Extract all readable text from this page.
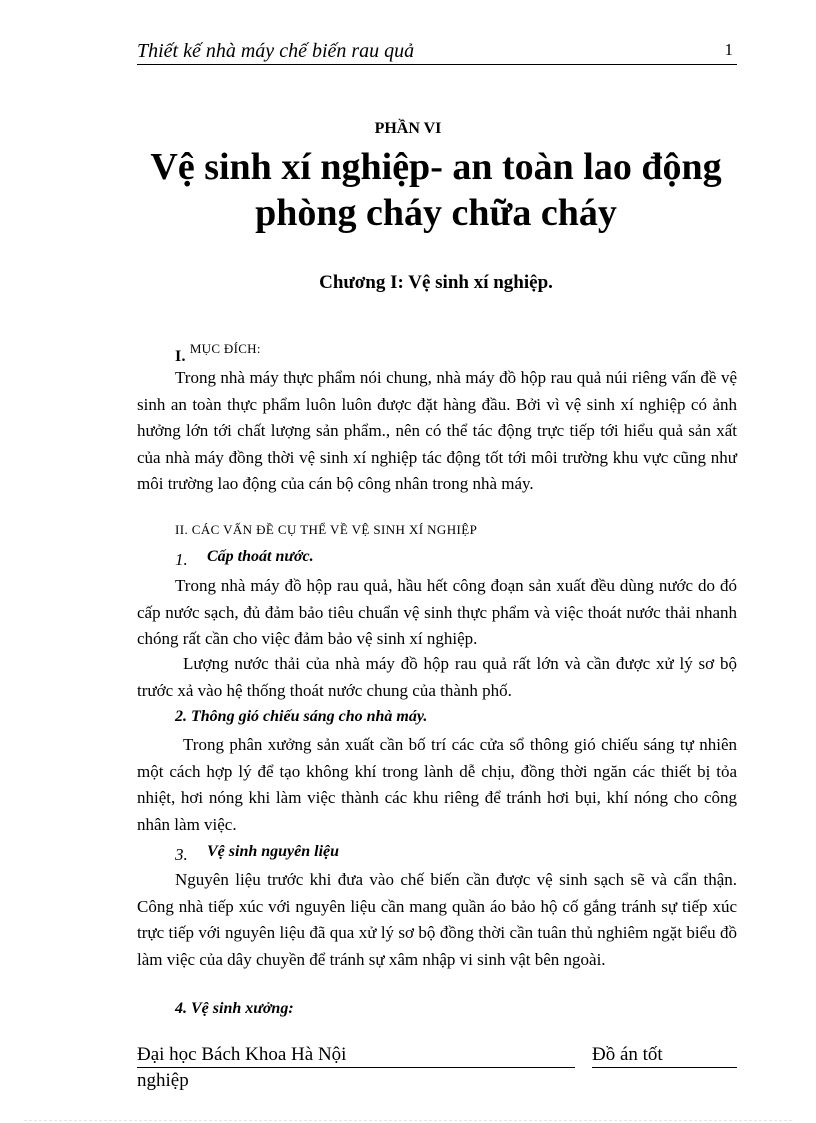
Thiết kế nhà máy chế biến rau quả	1
PHẦN VI
Vệ sinh xí nghiệp- an toàn lao động
phòng cháy chữa cháy
Chương I: Vệ sinh xí nghiệp.
I. MỤC ĐÍCH:

Trong nhà máy thực phẩm nói chung, nhà máy đồ hộp rau quả núi riêng vấn đề vệ sinh an toàn thực phẩm luôn luôn được đặt hàng đầu. Bởi vì vệ sinh xí nghiệp có ảnh hưởng lớn tới chất lượng sản phẩm., nên có thể tác động trực tiếp tới hiểu quả sản xất của nhà máy đồng thời vệ sinh xí nghiệp tác động tốt tới môi trường khu vực cũng như môi trường lao động của cán bộ công nhân trong nhà máy.

II. CÁC VẤN ĐỀ CỤ THỂ VỀ VỆ SINH XÍ NGHIỆP
1. Cấp thoát nước.

Trong nhà máy đồ hộp rau quả, hầu hết công đoạn sản xuất đều dùng nước do đó cấp nước sạch, đủ đảm bảo tiêu chuẩn vệ sinh thực phẩm và việc thoát nước thải nhanh chóng rất cần cho việc đảm bảo vệ sinh xí nghiệp.

Lượng nước thải của nhà máy đồ hộp rau quả rất lớn và cần được xử lý sơ bộ trước xả vào hệ thống thoát nước chung của thành phố.

2. Thông gió chiếu sáng cho nhà máy.

Trong phân xưởng sản xuất cần bố trí các cửa sổ thông gió chiếu sáng tự nhiên một cách hợp lý để tạo không khí trong lành dễ chịu, đồng thời ngăn các thiết bị tỏa nhiệt, hơi nóng khi làm việc thành các khu riêng để tránh hơi bụi, khí nóng cho công nhân làm việc.

3. Vệ sinh nguyên liệu

Nguyên liệu trước khi đưa vào chế biến cần được vệ sinh sạch sẽ và cẩn thận. Công nhà tiếp xúc với nguyên liệu cần mang quần áo bảo hộ cố gắng tránh sự tiếp xúc trực tiếp với nguyên liệu đã qua xử lý sơ bộ đồng thời cần tuân thủ nghiêm ngặt biểu đồ làm việc của dây chuyền để tránh sự xâm nhập vi sinh vật bên ngoài.

4. Vệ sinh xưởng:
Đại học Bách Khoa Hà Nội	Đồ án tốt
nghiệp
